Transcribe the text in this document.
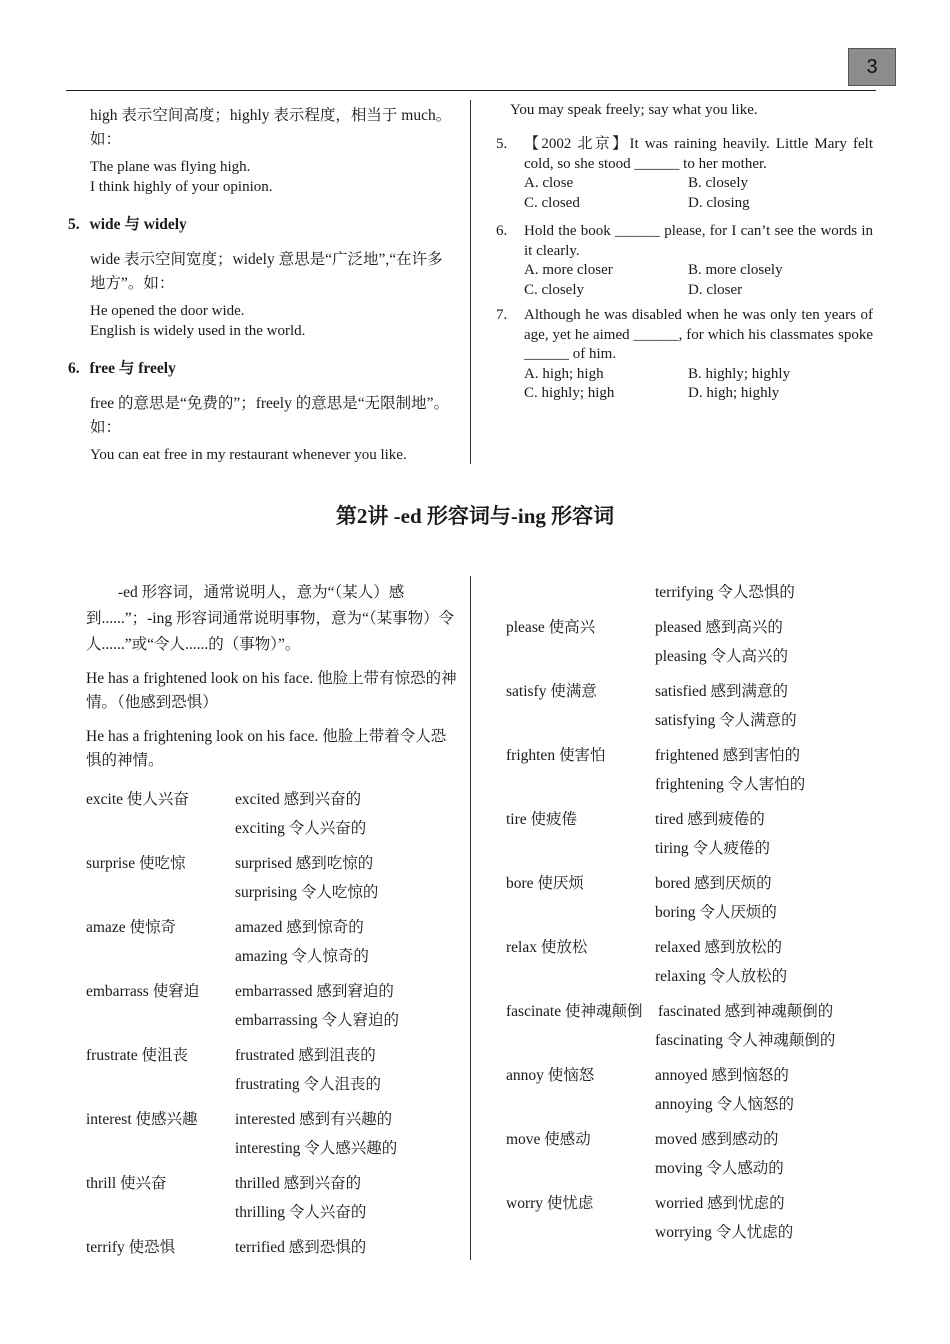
3

high 表示空间高度；highly 表示程度，相当于 much。如：

The plane was flying high.

I think highly of your opinion.

5. wide 与 widely

wide 表示空间宽度；widely 意思是“广泛地”,“在许多地方”。如：

He opened the door wide.

English is widely used in the world.

6. free 与 freely

free 的意思是“免费的”；freely 的意思是“无限制地”。如：

You can eat free in my restaurant whenever you like.

You may speak freely; say what you like.
5. 【2002 北京】It was raining heavily. Little Mary felt cold, so she stood ______ to her mother.
A. close	B. closely
C. closed	D. closing
6. Hold the book ______ please, for I can’t see the words in it clearly.
A. more closer	B. more closely
C. closely	D. closer
7. Although he was disabled when he was only ten years of age, yet he aimed ______, for which his classmates spoke ______ of him.
A. high; high	B. highly; highly
C. highly; high	D. high; highly
第2讲 -ed 形容词与-ing 形容词

-ed 形容词，通常说明人，意为“（某人）感到......”；-ing 形容词通常说明事物，意为“（某事物）令人......”或“令人......的（事物）”。

He has a frightened look on his face. 他脸上带有惊恐的神情。（他感到恐惧）

He has a frightening look on his face. 他脸上带着令人恐惧的神情。

excite 使人兴奋	excited 感到兴奋的
exciting 令人兴奋的
surprise 使吃惊	surprised 感到吃惊的
surprising 令人吃惊的
amaze 使惊奇	amazed 感到惊奇的
amazing 令人惊奇的
embarrass 使窘迫 embarrassed 感到窘迫的
embarrassing 令人窘迫的
frustrate 使沮丧	frustrated 感到沮丧的
frustrating 令人沮丧的
interest 使感兴趣 interested 感到有兴趣的
interesting 令人感兴趣的
thrill 使兴奋	thrilled 感到兴奋的
thrilling 令人兴奋的
terrify 使恐惧	terrified 感到恐惧的
terrifying 令人恐惧的
please 使高兴	pleased 感到高兴的
pleasing 令人高兴的
satisfy 使满意	satisfied 感到满意的
satisfying 令人满意的
frighten 使害怕	frightened 感到害怕的
frightening 令人害怕的
tire 使疲倦	tired 感到疲倦的
tiring 令人疲倦的
bore 使厌烦	bored 感到厌烦的
boring 令人厌烦的
relax 使放松	relaxed 感到放松的
relaxing 令人放松的
fascinate 使神魂颠倒 fascinated 感到神魂颠倒的
fascinating 令人神魂颠倒的
annoy 使恼怒	annoyed 感到恼怒的
annoying 令人恼怒的
move 使感动	moved 感到感动的
moving 令人感动的
worry 使忧虑	worried 感到忧虑的
worrying 令人忧虑的
